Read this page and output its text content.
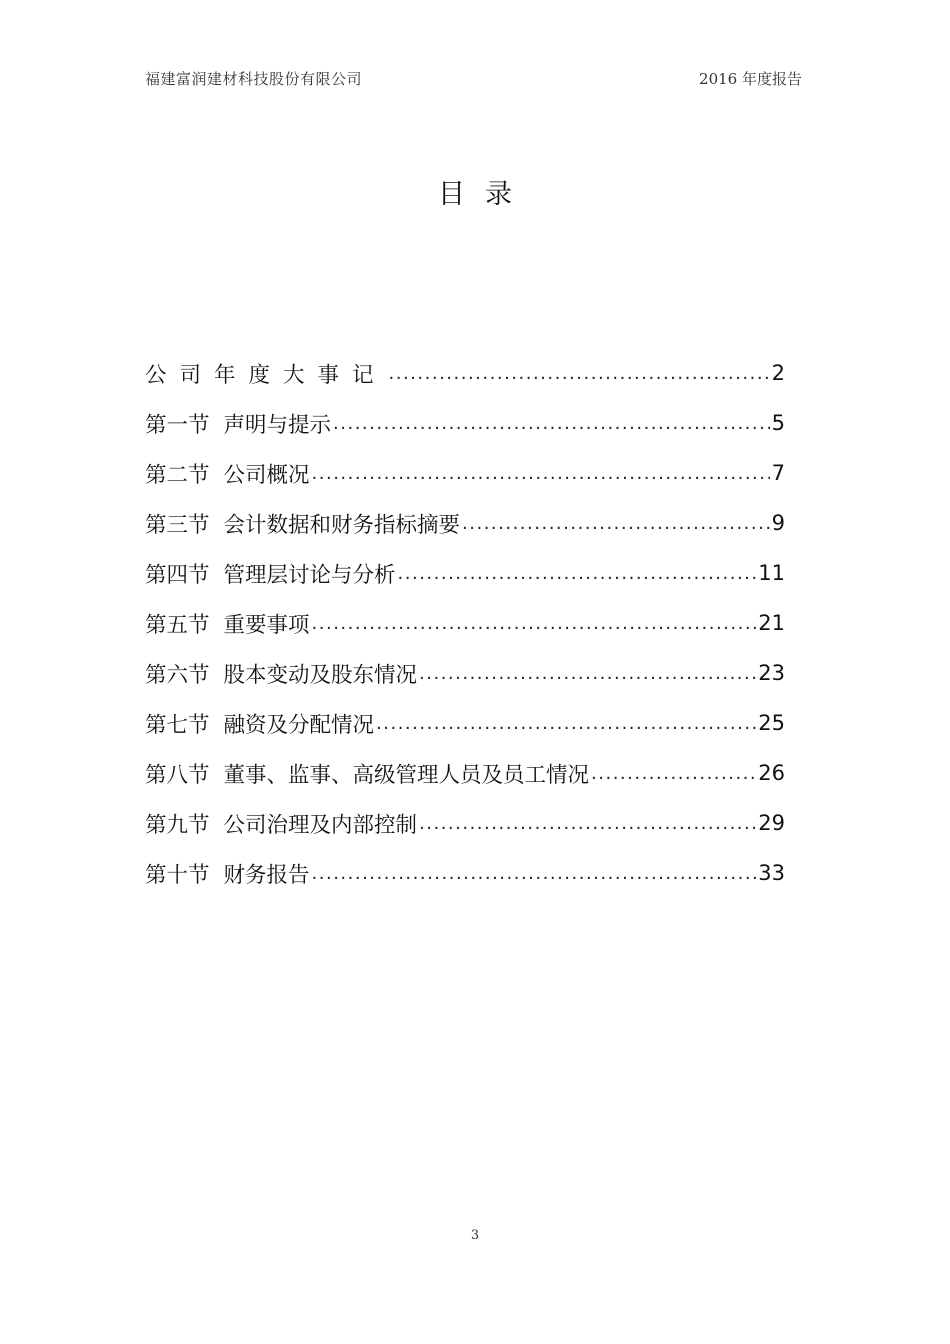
福建富润建材科技股份有限公司	2016 年度报告
目录
公司年度大事记 .....	2
第一节 声明与提示 .....	5
第二节 公司概况 .....	7
第三节 会计数据和财务指标摘要 .....	9
第四节 管理层讨论与分析 .....	11
第五节 重要事项 .....	21
第六节 股本变动及股东情况 .....	23
第七节 融资及分配情况 .....	25
第八节 董事、监事、高级管理人员及员工情况 .....	26
第九节 公司治理及内部控制 .....	29
第十节 财务报告 .....	33
3
